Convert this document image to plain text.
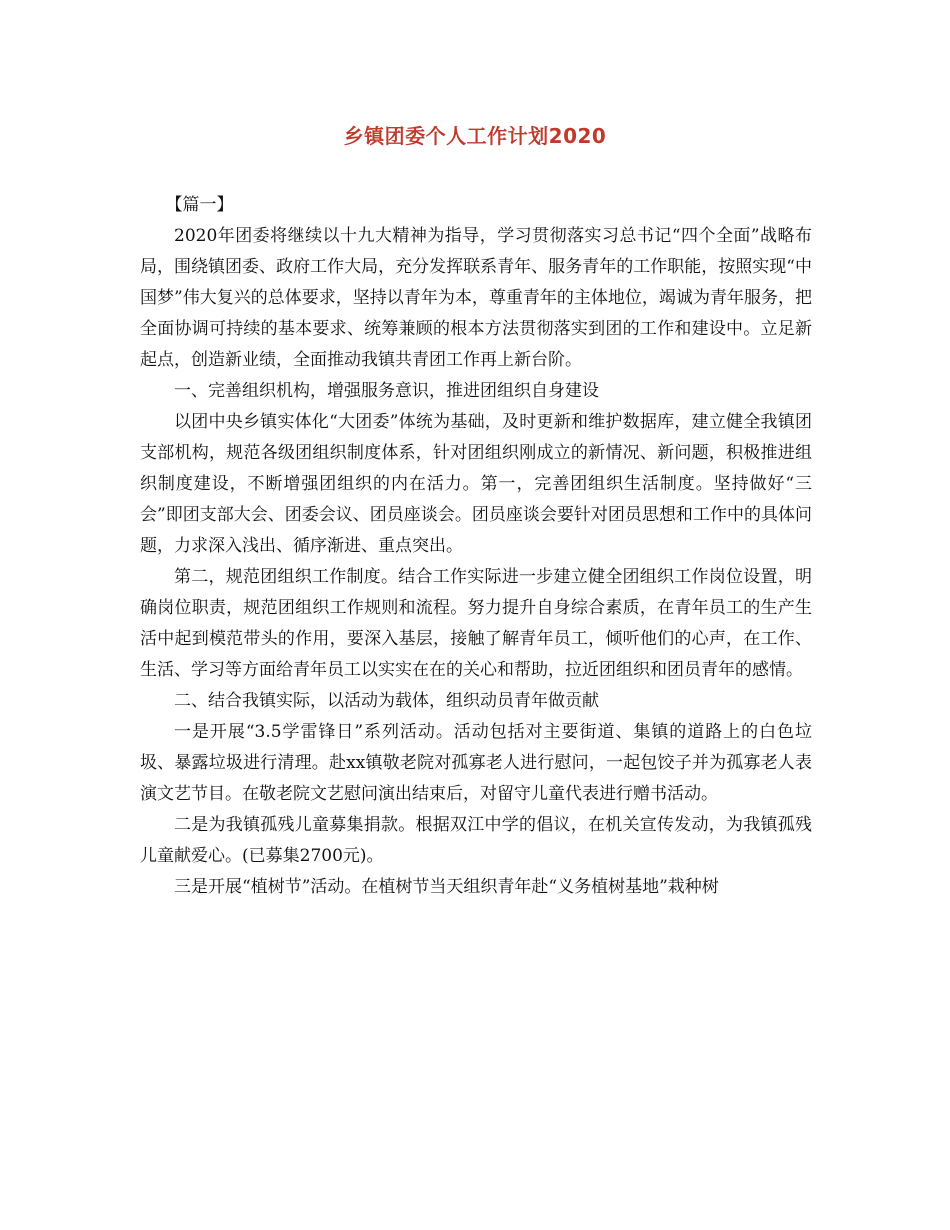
乡镇团委个人工作计划2020

【篇一】

2020年团委将继续以十九大精神为指导，学习贯彻落实习总书记“四个全面”战略布局，围绕镇团委、政府工作大局，充分发挥联系青年、服务青年的工作职能，按照实现“中国梦”伟大复兴的总体要求，坚持以青年为本，尊重青年的主体地位，竭诚为青年服务，把全面协调可持续的基本要求、统筹兼顾的根本方法贯彻落实到团的工作和建设中。立足新起点，创造新业绩，全面推动我镇共青团工作再上新台阶。

一、完善组织机构，增强服务意识，推进团组织自身建设

以团中央乡镇实体化“大团委”体统为基础，及时更新和维护数据库，建立健全我镇团支部机构，规范各级团组织制度体系，针对团组织刚成立的新情况、新问题，积极推进组织制度建设，不断增强团组织的内在活力。第一，完善团组织生活制度。坚持做好“三会”即团支部大会、团委会议、团员座谈会。团员座谈会要针对团员思想和工作中的具体问题，力求深入浅出、循序渐进、重点突出。

第二，规范团组织工作制度。结合工作实际进一步建立健全团组织工作岗位设置，明确岗位职责，规范团组织工作规则和流程。努力提升自身综合素质，在青年员工的生产生活中起到模范带头的作用，要深入基层，接触了解青年员工，倾听他们的心声，在工作、生活、学习等方面给青年员工以实实在在的关心和帮助，拉近团组织和团员青年的感情。

二、结合我镇实际，以活动为载体，组织动员青年做贡献

一是开展“3.5学雷锋日”系列活动。活动包括对主要街道、集镇的道路上的白色垃圾、暴露垃圾进行清理。赴xx镇敬老院对孤寡老人进行慰问，一起包饺子并为孤寡老人表演文艺节目。在敬老院文艺慰问演出结束后，对留守儿童代表进行赠书活动。

二是为我镇孤残儿童募集捐款。根据双江中学的倡议，在机关宣传发动，为我镇孤残儿童献爱心。(已募集2700元)。

三是开展“植树节”活动。在植树节当天组织青年赴“义务植树基地”栽种树
